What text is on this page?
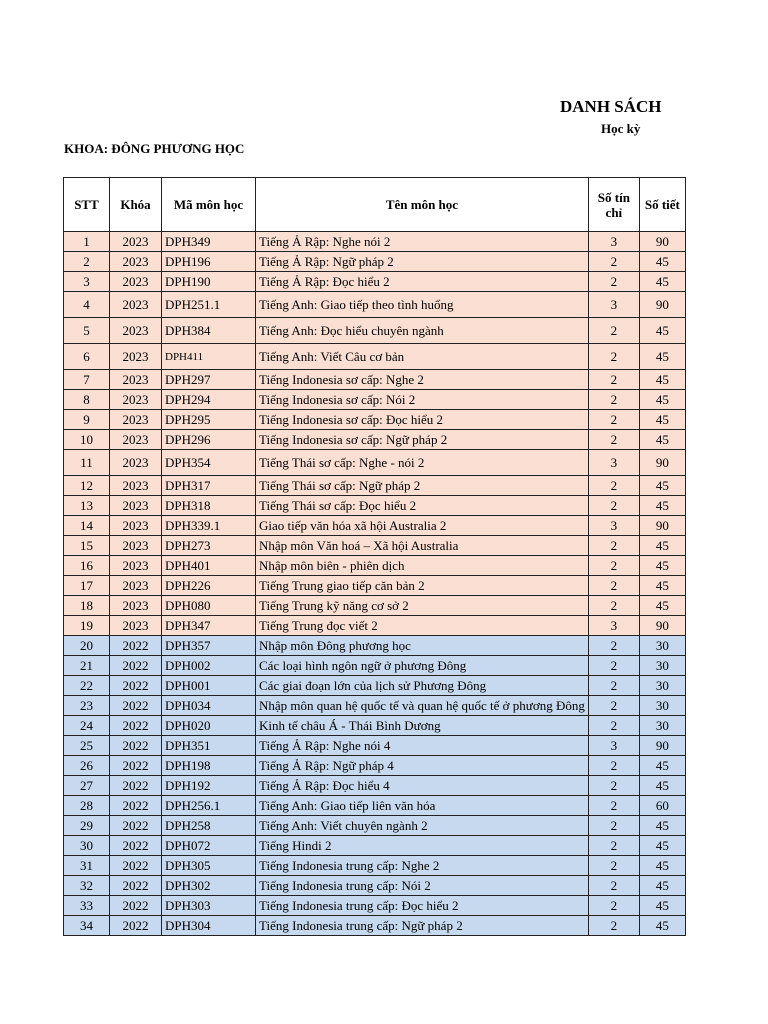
DANH SÁCH
Học kỳ
KHOA: ĐÔNG PHƯƠNG HỌC
STT	Khóa	Mã môn học	Tên môn học	Số tín chỉ	Số tiết
1	2023	DPH349	Tiếng Ả Rập: Nghe nói 2	3	90
2	2023	DPH196	Tiếng Ả Rập: Ngữ pháp 2	2	45
3	2023	DPH190	Tiếng Ả Rập: Đọc hiểu 2	2	45
4	2023	DPH251.1	Tiếng Anh: Giao tiếp theo tình huống	3	90
5	2023	DPH384	Tiếng Anh: Đọc hiểu chuyên ngành	2	45
6	2023	DPH411	Tiếng Anh: Viết Câu cơ bản	2	45
7	2023	DPH297	Tiếng Indonesia sơ cấp: Nghe 2	2	45
8	2023	DPH294	Tiếng Indonesia sơ cấp: Nói 2	2	45
9	2023	DPH295	Tiếng Indonesia sơ cấp: Đọc hiểu 2	2	45
10	2023	DPH296	Tiếng Indonesia sơ cấp: Ngữ pháp 2	2	45
11	2023	DPH354	Tiếng Thái sơ cấp: Nghe - nói 2	3	90
12	2023	DPH317	Tiếng Thái sơ cấp: Ngữ pháp 2	2	45
13	2023	DPH318	Tiếng Thái sơ cấp: Đọc hiểu 2	2	45
14	2023	DPH339.1	Giao tiếp văn hóa xã hội Australia 2	3	90
15	2023	DPH273	Nhập môn Văn hoá – Xã hội Australia	2	45
16	2023	DPH401	Nhập môn biên - phiên dịch	2	45
17	2023	DPH226	Tiếng Trung giao tiếp căn bản 2	2	45
18	2023	DPH080	Tiếng Trung kỹ năng cơ sở 2	2	45
19	2023	DPH347	Tiếng Trung đọc viết 2	3	90
20	2022	DPH357	Nhập môn Đông phương học	2	30
21	2022	DPH002	Các loại hình ngôn ngữ ở phương Đông	2	30
22	2022	DPH001	Các giai đoạn lớn của lịch sử Phương Đông	2	30
23	2022	DPH034	Nhập môn quan hệ quốc tế và quan hệ quốc tế ở phương Đông	2	30
24	2022	DPH020	Kinh tế châu Á - Thái Bình Dương	2	30
25	2022	DPH351	Tiếng Ả Rập: Nghe nói 4	3	90
26	2022	DPH198	Tiếng Ả Rập: Ngữ pháp 4	2	45
27	2022	DPH192	Tiếng Ả Rập: Đọc hiểu 4	2	45
28	2022	DPH256.1	Tiếng Anh: Giao tiếp liên văn hóa	2	60
29	2022	DPH258	Tiếng Anh: Viết chuyên ngành 2	2	45
30	2022	DPH072	Tiếng Hindi 2	2	45
31	2022	DPH305	Tiếng Indonesia trung cấp: Nghe 2	2	45
32	2022	DPH302	Tiếng Indonesia trung cấp: Nói 2	2	45
33	2022	DPH303	Tiếng Indonesia trung cấp: Đọc hiểu 2	2	45
34	2022	DPH304	Tiếng Indonesia trung cấp: Ngữ pháp 2	2	45
